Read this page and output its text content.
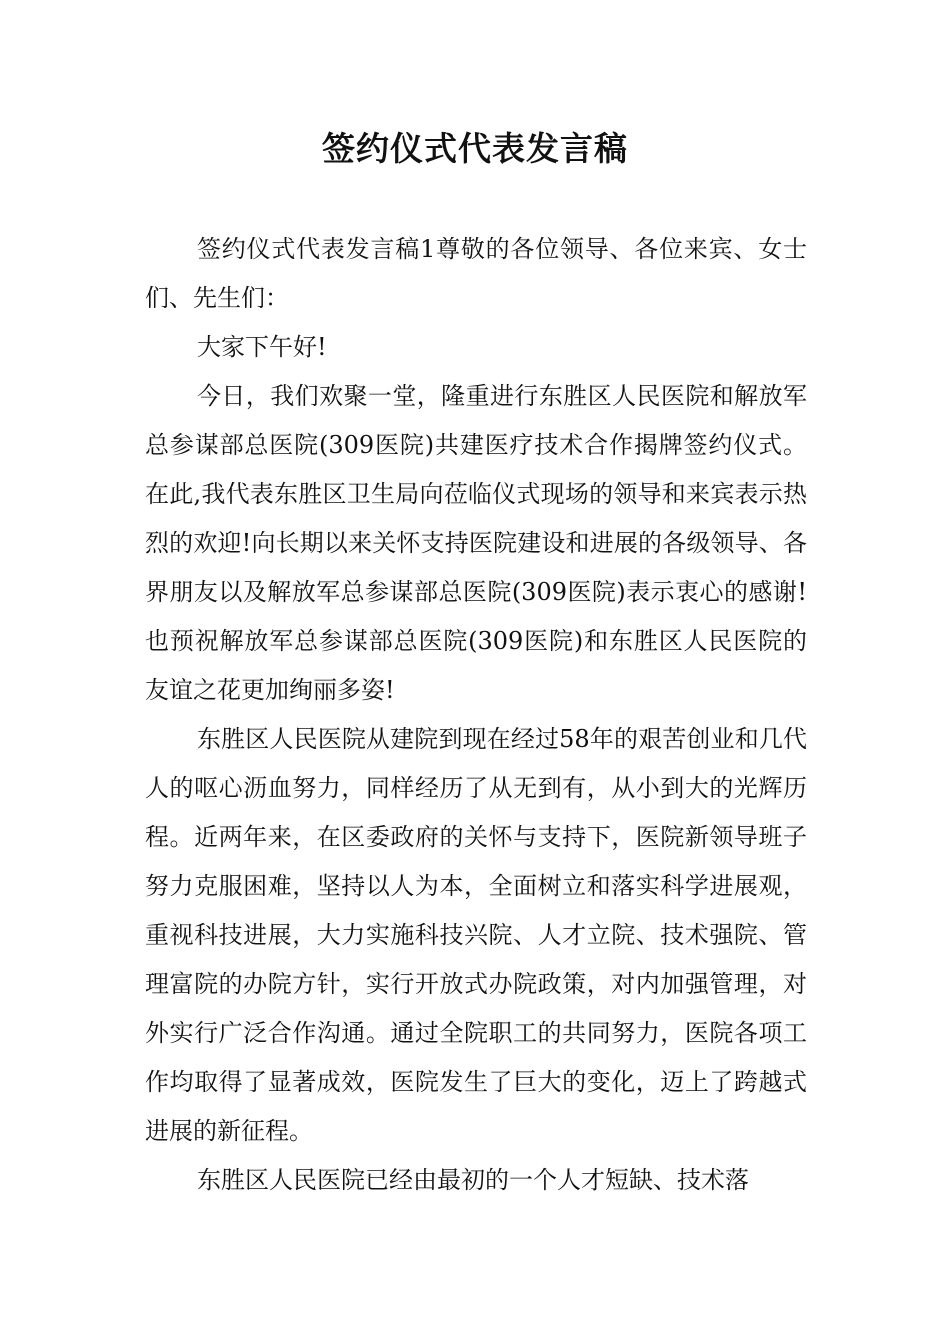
签约仪式代表发言稿

签约仪式代表发言稿1尊敬的各位领导、各位来宾、女士们、先生们：

大家下午好!

今日，我们欢聚一堂，隆重进行东胜区人民医院和解放军总参谋部总医院(309医院)共建医疗技术合作揭牌签约仪式。在此,我代表东胜区卫生局向莅临仪式现场的领导和来宾表示热烈的欢迎!向长期以来关怀支持医院建设和进展的各级领导、各界朋友以及解放军总参谋部总医院(309医院)表示衷心的感谢!也预祝解放军总参谋部总医院(309医院)和东胜区人民医院的友谊之花更加绚丽多姿!

东胜区人民医院从建院到现在经过58年的艰苦创业和几代人的呕心沥血努力，同样经历了从无到有，从小到大的光辉历程。近两年来，在区委政府的关怀与支持下，医院新领导班子努力克服困难，坚持以人为本，全面树立和落实科学进展观，重视科技进展，大力实施科技兴院、人才立院、技术强院、管理富院的办院方针，实行开放式办院政策，对内加强管理，对外实行广泛合作沟通。通过全院职工的共同努力，医院各项工作均取得了显著成效，医院发生了巨大的变化，迈上了跨越式进展的新征程。

东胜区人民医院已经由最初的一个人才短缺、技术落
